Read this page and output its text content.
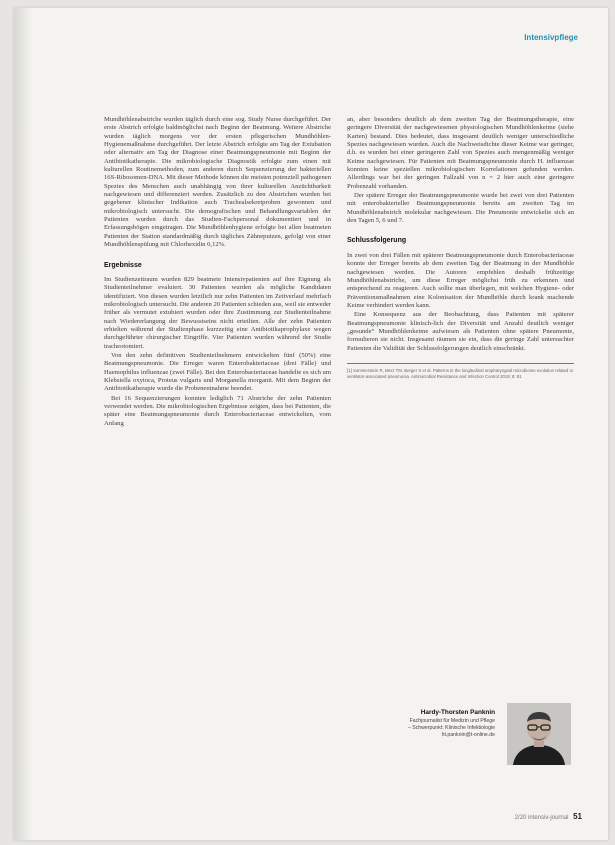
Intensivpflege

Mundhöhlenabstriche wurden täglich durch eine sog. Study Nurse durchgeführt. Der erste Abstrich erfolgte baldmöglichst nach Beginn der Beatmung. Weitere Abstriche wurden täglich morgens vor der ersten pflegerischen Mundhöhlen-Hygienemaßnahme durchgeführt. Der letzte Abstrich erfolgte am Tag der Extubation oder alternativ am Tag der Diagnose einer Beatmungspneumonie mit Beginn der Antibiotikatherapie. Die mikrobiologische Diagnostik erfolgte zum einen mit kulturellen Routinemethoden, zum anderen durch Sequenzierung der bakteriellen 16S-Ribosomen-DNA. Mit dieser Methode können die meisten potenziell pathogenen Spezies des Menschen auch unabhängig von ihrer kulturellen Anzüchtbarkeit nachgewiesen und differenziert werden. Zusätzlich zu den Abstrichen wurden bei gegebener klinischer Indikation auch Trachealsekretproben gewonnen und mikrobiologisch untersucht. Die demografischen und Behandlungsvariablen der Patienten wurden durch das Studien-Fachpersonal dokumentiert und in Erfassungsbögen eingetragen. Die Mundhöhlenhygiene erfolgte bei allen beatmeten Patienten der Station standardmäßig durch tägliches Zähneputzen, gefolgt von einer Mundhöhlenspülung mit Chlorhexidin 0,12%.

Ergebnisse

Im Studienzeitraum wurden 829 beatmete Intensivpatienten auf ihre Eignung als Studienteilnehmer evaluiert. 30 Patienten wurden als mögliche Kandidaten identifiziert. Von diesen wurden letztlich nur zehn Patienten im Zeitverlauf mehrfach mikrobiologisch untersucht. Die anderen 20 Patienten schieden aus, weil sie entweder früher als vermutet extubiert wurden oder ihre Zustimmung zur Studienteilnahme nach Wiedererlangung der Bewusstseins nicht erteilten. Alle der zehn Patienten erhielten während der Studienphase kurzzeitig eine Antibiotikaprophylaxe wegen durchgeführter chirurgischer Eingriffe. Vier Patienten wurden während der Studie tracheotomiert.

Von den zehn definitiven Studienteilnehmern entwickelten fünf (50%) eine Beatmungspneumonie. Die Erreger waren Enterobakteriaceae (drei Fälle) und Haemophilus influenzae (zwei Fälle). Bei den Enterobacteriaceae handelte es sich um Klebsiella oxytoca, Proteus vulgaris und Morganella morganii. Mit dem Beginn der Antibiotikatherapie wurde die Probenentnahme beendet.

Bei 16 Sequenzierungen konnten lediglich 71 Abstriche der zehn Patienten verwendet werden. Die mikrobiologischen Ergebnisse zeigten, dass bei Patienten, die später eine Beatmungspneumonie durch Enterobacteriaceae entwickelten, vom Anfang

an, aber besonders deutlich ab dem zweiten Tag der Beatmungstherapie, eine geringere Diversität der nachgewiesenen physiologischen Mundhöhlenkeime (siehe Karten) bestand. Dies bedeutet, dass insgesamt deutlich weniger unterschiedliche Spezies nachgewiesen wurden. Auch die Nachweisdichte dieser Keime war geringer, d.h. es wurden bei einer geringeren Zahl von Spezies auch mengenmäßig weniger Keime nachgewiesen. Für Patienten mit Beatmungspneumonie durch H. influenzae konnten keine speziellen mikrobiologischen Korrelationen gefunden werden. Allerdings war bei der geringen Fallzahl von n = 2 hier auch eine geringere Probenzahl vorhanden.

Der spätere Erreger der Beatmungspneumonie wurde bei zwei von drei Patienten mit enterobakterieller Beatmungspneumonie bereits am zweiten Tag im Mundhöhlenabstrich molekular nachgewiesen. Die Pneumonie entwickelte sich an den Tagen 5, 6 und 7.

Schlussfolgerung

In zwei von drei Fällen mit späterer Beatmungspneumonie durch Enterobacteriaceae konnte der Erreger bereits ab dem zweiten Tag der Beatmung in der Mundhöhle nachgewiesen werden. Die Autoren empfehlen deshalb frühzeitige Mundhöhlenabstriche, um diese Erreger möglichst früh zu erkennen und entsprechend zu reagieren. Auch sollte man überlegen, mit welchen Hygiene- oder Präventionsmaßnahmen eine Kolonisation der Mundhöhle durch krank machende Keime verhindert werden kann.

Eine Konsequenz aus der Beobachtung, dass Patienten mit späterer Beatmungspneumonie klinisch-lich der Diversität und Anzahl deutlich weniger „gesunde“ Mundhöhlenkeime aufwiesen als Patienten ohne spätere Pneumonie, formulieren sie nicht. Insgesamt räumen sie ein, dass die geringe Zahl untersuchter Patienten die Validität der Schlussfolgerungen deutlich einschränkt.

[1] Sommerstein R, Merz TM, Berger S et al. Patterns in the longitudinal oropharyngeal microbiome evolution related to ventilator-associated pneumonia. Antimicrobial Resistance and Infection Control 2019; 8: 81
Hardy-Thorsten Panknin
Fachjournalist für Medizin und Pflege
– Schwerpunkt: Klinische Infektiologie
ht.panknin@t-online.de
2/20 intensiv-journal 51
